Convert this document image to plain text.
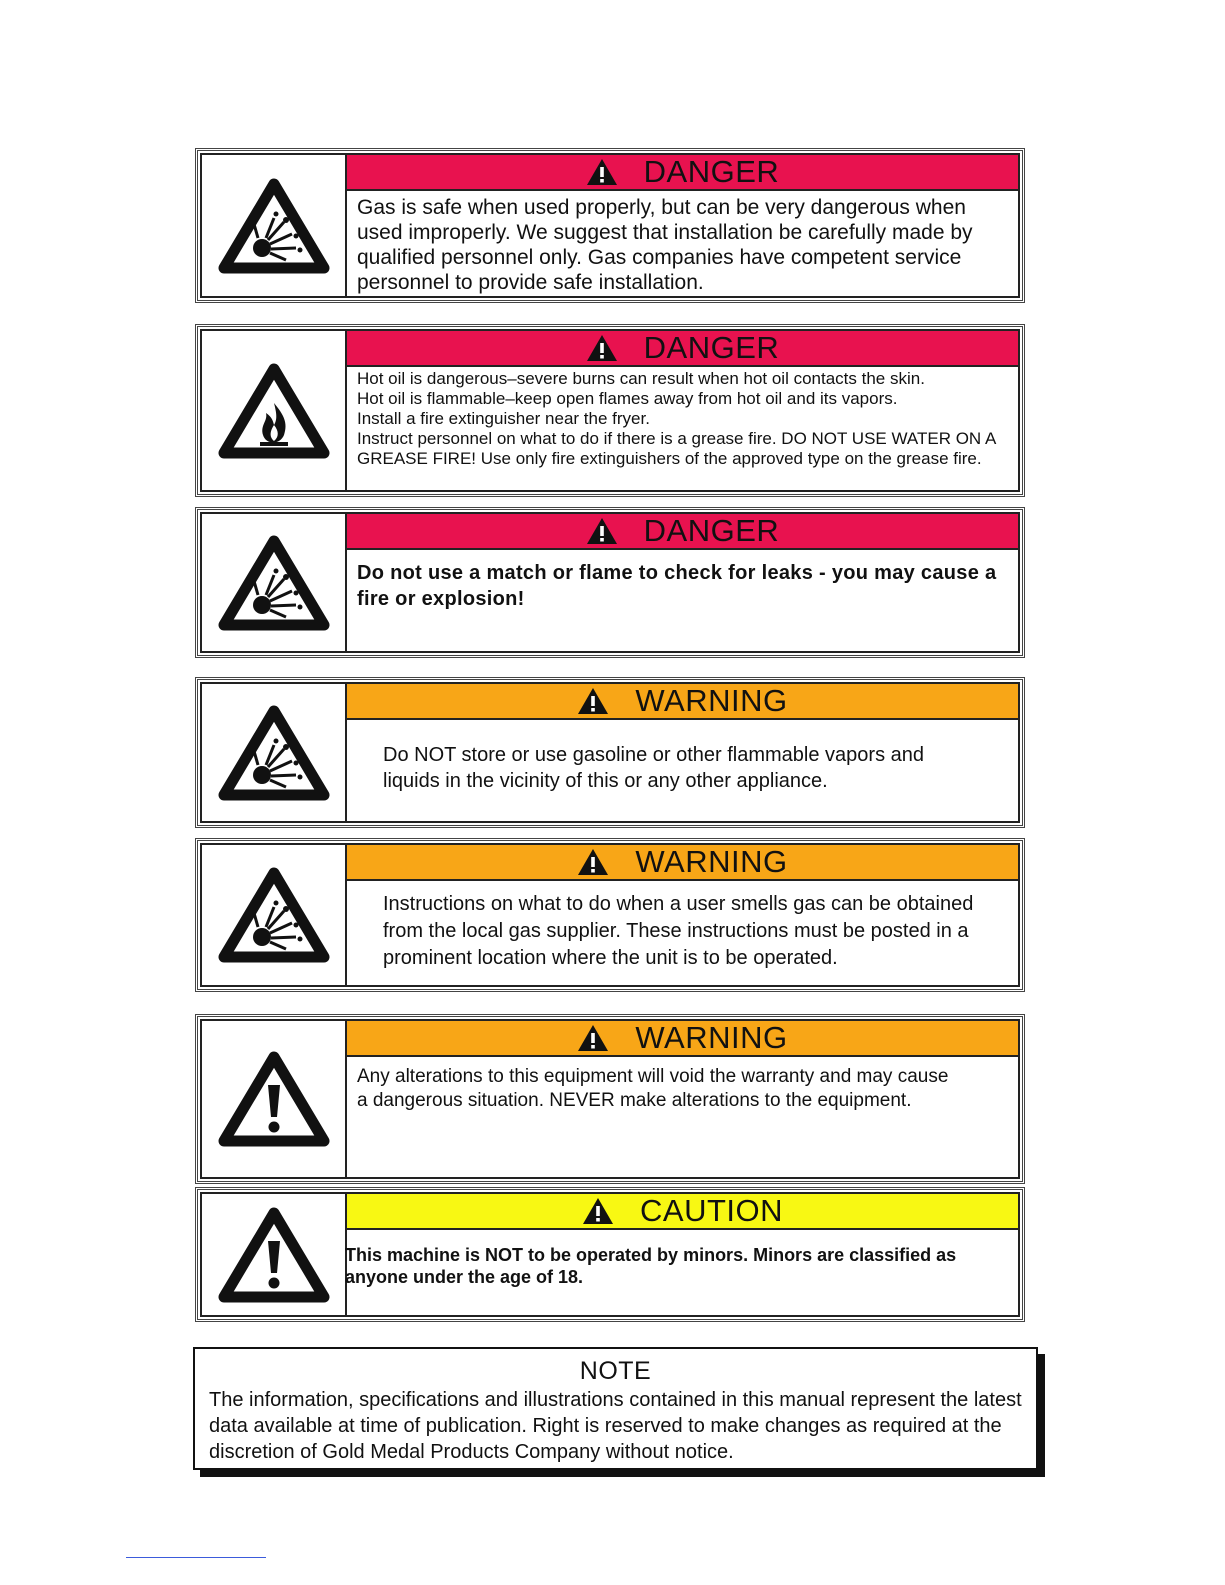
DANGER
Gas is safe when used properly, but can be very dangerous when used improperly. We suggest that installation be carefully made by qualified personnel only. Gas companies have competent service personnel to provide safe installation.
DANGER
Hot oil is dangerous–severe burns can result when hot oil contacts the skin.
Hot oil is flammable–keep open flames away from hot oil and its vapors.
Install a fire extinguisher near the fryer.
Instruct personnel on what to do if there is a grease fire. DO NOT USE WATER ON A GREASE FIRE! Use only fire extinguishers of the approved type on the grease fire.
DANGER
Do not use a match or flame to check for leaks - you may cause a fire or explosion!
WARNING
Do NOT store or use gasoline or other flammable vapors and liquids in the vicinity of this or any other appliance.
WARNING
Instructions on what to do when a user smells gas can be obtained from the local gas supplier. These instructions must be posted in a prominent location where the unit is to be operated.
WARNING
Any alterations to this equipment will void the warranty and may cause a dangerous situation. NEVER make alterations to the equipment.
CAUTION
This machine is NOT to be operated by minors. Minors are classified as anyone under the age of 18.
NOTE
The information, specifications and illustrations contained in this manual represent the latest data available at time of publication. Right is reserved to make changes as required at the discretion of Gold Medal Products Company without notice.
